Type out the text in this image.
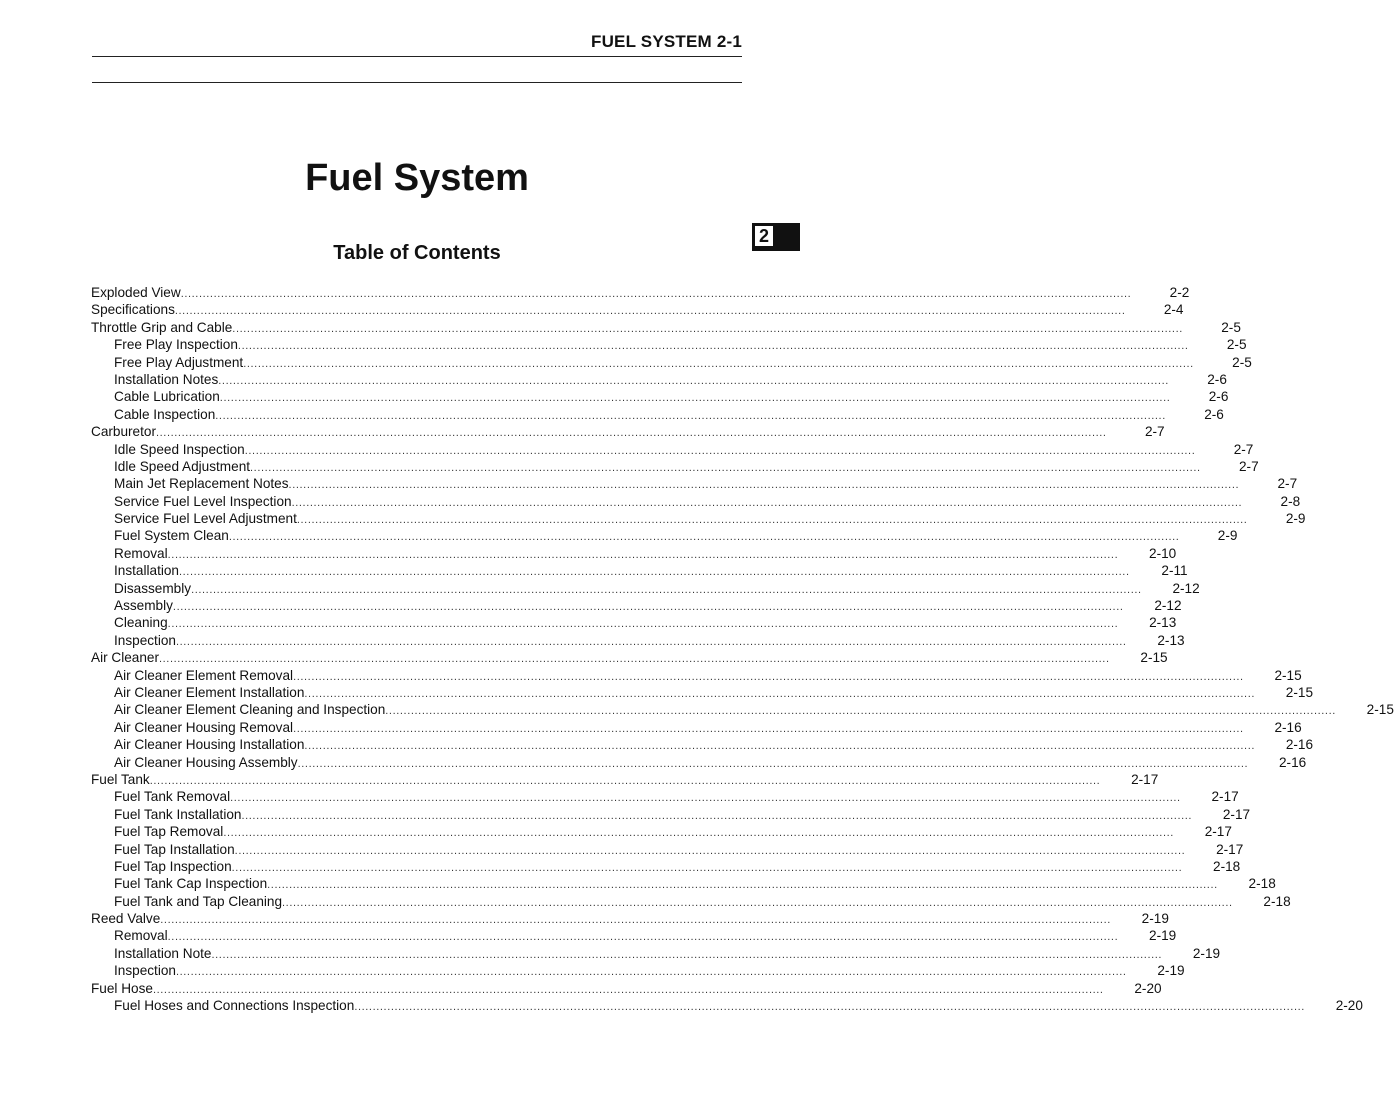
FUEL SYSTEM 2-1
Fuel System
2
Table of Contents
Exploded View ....................................................................................................................................................................................................................................................................	2-2
Specifications ....................................................................................................................................................................................................................................................................	2-4
Throttle Grip and Cable ....................................................................................................................................................................................................................................................................	2-5
Free Play Inspection ....................................................................................................................................................................................................................................................................	2-5
Free Play Adjustment ....................................................................................................................................................................................................................................................................	2-5
Installation Notes ....................................................................................................................................................................................................................................................................	2-6
Cable Lubrication ....................................................................................................................................................................................................................................................................	2-6
Cable Inspection ....................................................................................................................................................................................................................................................................	2-6
Carburetor ....................................................................................................................................................................................................................................................................	2-7
Idle Speed Inspection ....................................................................................................................................................................................................................................................................	2-7
Idle Speed Adjustment ....................................................................................................................................................................................................................................................................	2-7
Main Jet Replacement Notes ....................................................................................................................................................................................................................................................................	2-7
Service Fuel Level Inspection ....................................................................................................................................................................................................................................................................	2-8
Service Fuel Level Adjustment ....................................................................................................................................................................................................................................................................	2-9
Fuel System Clean ....................................................................................................................................................................................................................................................................	2-9
Removal ....................................................................................................................................................................................................................................................................	2-10
Installation ....................................................................................................................................................................................................................................................................	2-11
Disassembly ....................................................................................................................................................................................................................................................................	2-12
Assembly ....................................................................................................................................................................................................................................................................	2-12
Cleaning ....................................................................................................................................................................................................................................................................	2-13
Inspection ....................................................................................................................................................................................................................................................................	2-13
Air Cleaner ....................................................................................................................................................................................................................................................................	2-15
Air Cleaner Element Removal ....................................................................................................................................................................................................................................................................	2-15
Air Cleaner Element Installation ....................................................................................................................................................................................................................................................................	2-15
Air Cleaner Element Cleaning and Inspection ....................................................................................................................................................................................................................................................................	2-15
Air Cleaner Housing Removal ....................................................................................................................................................................................................................................................................	2-16
Air Cleaner Housing Installation ....................................................................................................................................................................................................................................................................	2-16
Air Cleaner Housing Assembly ....................................................................................................................................................................................................................................................................	2-16
Fuel Tank ....................................................................................................................................................................................................................................................................	2-17
Fuel Tank Removal ....................................................................................................................................................................................................................................................................	2-17
Fuel Tank Installation ....................................................................................................................................................................................................................................................................	2-17
Fuel Tap Removal ....................................................................................................................................................................................................................................................................	2-17
Fuel Tap Installation ....................................................................................................................................................................................................................................................................	2-17
Fuel Tap Inspection ....................................................................................................................................................................................................................................................................	2-18
Fuel Tank Cap Inspection ....................................................................................................................................................................................................................................................................	2-18
Fuel Tank and Tap Cleaning ....................................................................................................................................................................................................................................................................	2-18
Reed Valve ....................................................................................................................................................................................................................................................................	2-19
Removal ....................................................................................................................................................................................................................................................................	2-19
Installation Note ....................................................................................................................................................................................................................................................................	2-19
Inspection ....................................................................................................................................................................................................................................................................	2-19
Fuel Hose ....................................................................................................................................................................................................................................................................	2-20
Fuel Hoses and Connections Inspection ....................................................................................................................................................................................................................................................................	2-20
